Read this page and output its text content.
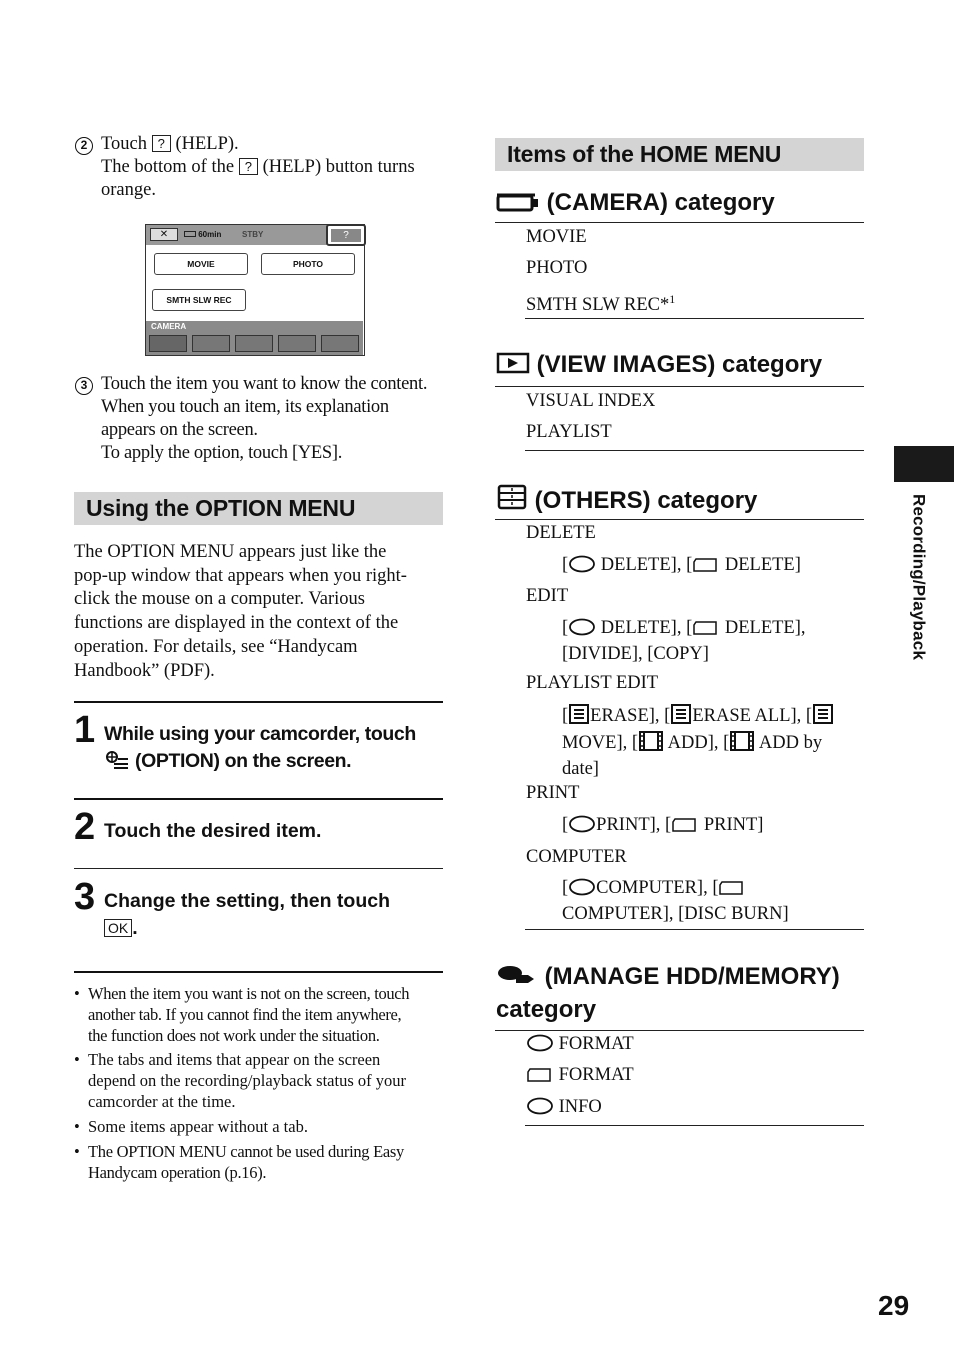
2 Touch ? (HELP).
The bottom of the ? (HELP) button turns
orange.
✕	60min	STBY	?
MOVIE	PHOTO
SMTH SLW REC
CAMERA
3 Touch the item you want to know the content.
When you touch an item, its explanation
appears on the screen.
To apply the option, touch [YES].
Using the OPTION MENU
The OPTION MENU appears just like the
pop-up window that appears when you right-
click the mouse on a computer. Various
functions are displayed in the context of the
operation. For details, see “Handycam
Handbook” (PDF).
1 While using your camcorder, touch
(OPTION) on the screen.
2 Touch the desired item.
3 Change the setting, then touch
OK .
• When the item you want is not on the screen, touch
another tab. If you cannot find the item anywhere,
the function does not work under the situation.
• The tabs and items that appear on the screen
depend on the recording/playback status of your
camcorder at the time.
• Some items appear without a tab.
• The OPTION MENU cannot be used during Easy
Handycam operation (p.16).
Items of the HOME MENU
(CAMERA) category
MOVIE
PHOTO
SMTH SLW REC*$^1$
(VIEW IMAGES) category
VISUAL INDEX
PLAYLIST
(OTHERS) category
DELETE
[ DELETE], [ DELETE]
EDIT
[ DELETE], [ DELETE],
[DIVIDE], [COPY]
PLAYLIST EDIT
[ ERASE], [ ERASE ALL], [
MOVE], [ ADD], [ ADD by
date]
PRINT
[ PRINT], [ PRINT]
COMPUTER
[ COMPUTER], [
COMPUTER], [DISC BURN]
(MANAGE HDD/MEMORY)
category
FORMAT
FORMAT
INFO
Recording/Playback
29
